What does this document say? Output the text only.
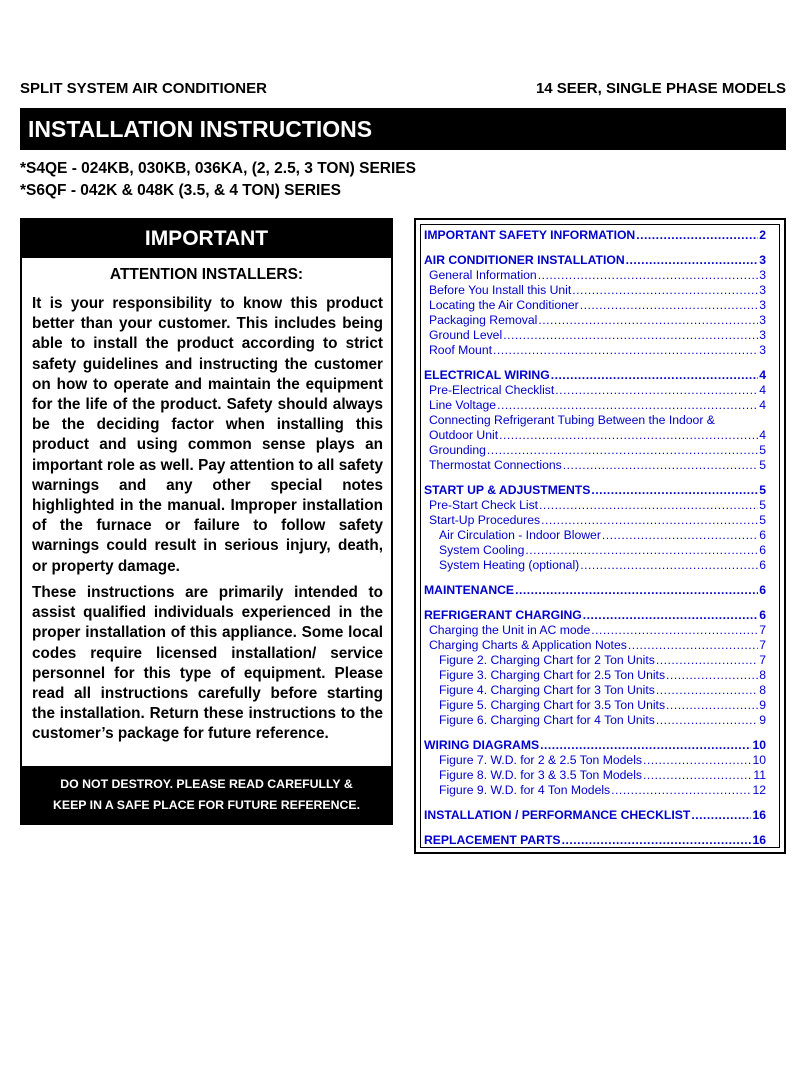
SPLIT SYSTEM AIR CONDITIONER	14 SEER, SINGLE PHASE MODELS
INSTALLATION INSTRUCTIONS
*S4QE - 024KB, 030KB, 036KA, (2, 2.5, 3 TON) SERIES
*S6QF - 042K & 048K (3.5, & 4 TON) SERIES
IMPORTANT
ATTENTION INSTALLERS:
It is your responsibility to know this product better than your customer. This includes being able to install the product according to strict safety guidelines and instructing the customer on how to operate and maintain the equipment for the life of the product. Safety should always be the deciding factor when installing this product and using common sense plays an important role as well. Pay attention to all safety warnings and any other special notes highlighted in the manual. Improper installation of the furnace or failure to follow safety warnings could result in serious injury, death, or property damage.
These instructions are primarily intended to assist qualified individuals experienced in the proper installation of this appliance. Some local codes require licensed installation/ service personnel for this type of equipment. Please read all instructions carefully before starting the installation. Return these instructions to the customer’s package for future reference.
DO NOT DESTROY. PLEASE READ CAREFULLY &
KEEP IN A SAFE PLACE FOR FUTURE REFERENCE.
IMPORTANT SAFETY INFORMATION .....	2
AIR CONDITIONER INSTALLATION .....	3
General Information .....	3
Before You Install this Unit .....	3
Locating the Air Conditioner .....	3
Packaging Removal .....	3
Ground Level .....	3
Roof Mount .....	3
ELECTRICAL WIRING .....	4
Pre-Electrical Checklist .....	4
Line Voltage .....	4
Connecting Refrigerant Tubing Between the Indoor &
Outdoor Unit .....	4
Grounding .....	5
Thermostat Connections .....	5
START UP & ADJUSTMENTS .....	5
Pre-Start Check List .....	5
Start-Up Procedures .....	5
Air Circulation - Indoor Blower .....	6
System Cooling .....	6
System Heating (optional) .....	6
MAINTENANCE .....	6
REFRIGERANT CHARGING .....	6
Charging the Unit in AC mode .....	7
Charging Charts & Application Notes .....	7
Figure 2. Charging Chart for 2 Ton Units .....	7
Figure 3. Charging Chart for 2.5 Ton Units .....	8
Figure 4. Charging Chart for 3 Ton Units .....	8
Figure 5. Charging Chart for 3.5 Ton Units .....	9
Figure 6. Charging Chart for 4 Ton Units .....	9
WIRING DIAGRAMS .....	10
Figure 7. W.D. for 2 & 2.5 Ton Models .....	10
Figure 8. W.D. for 3 & 3.5 Ton Models .....	11
Figure 9. W.D. for 4 Ton Models .....	12
INSTALLATION / PERFORMANCE CHECKLIST .....	16
REPLACEMENT PARTS .....	16
